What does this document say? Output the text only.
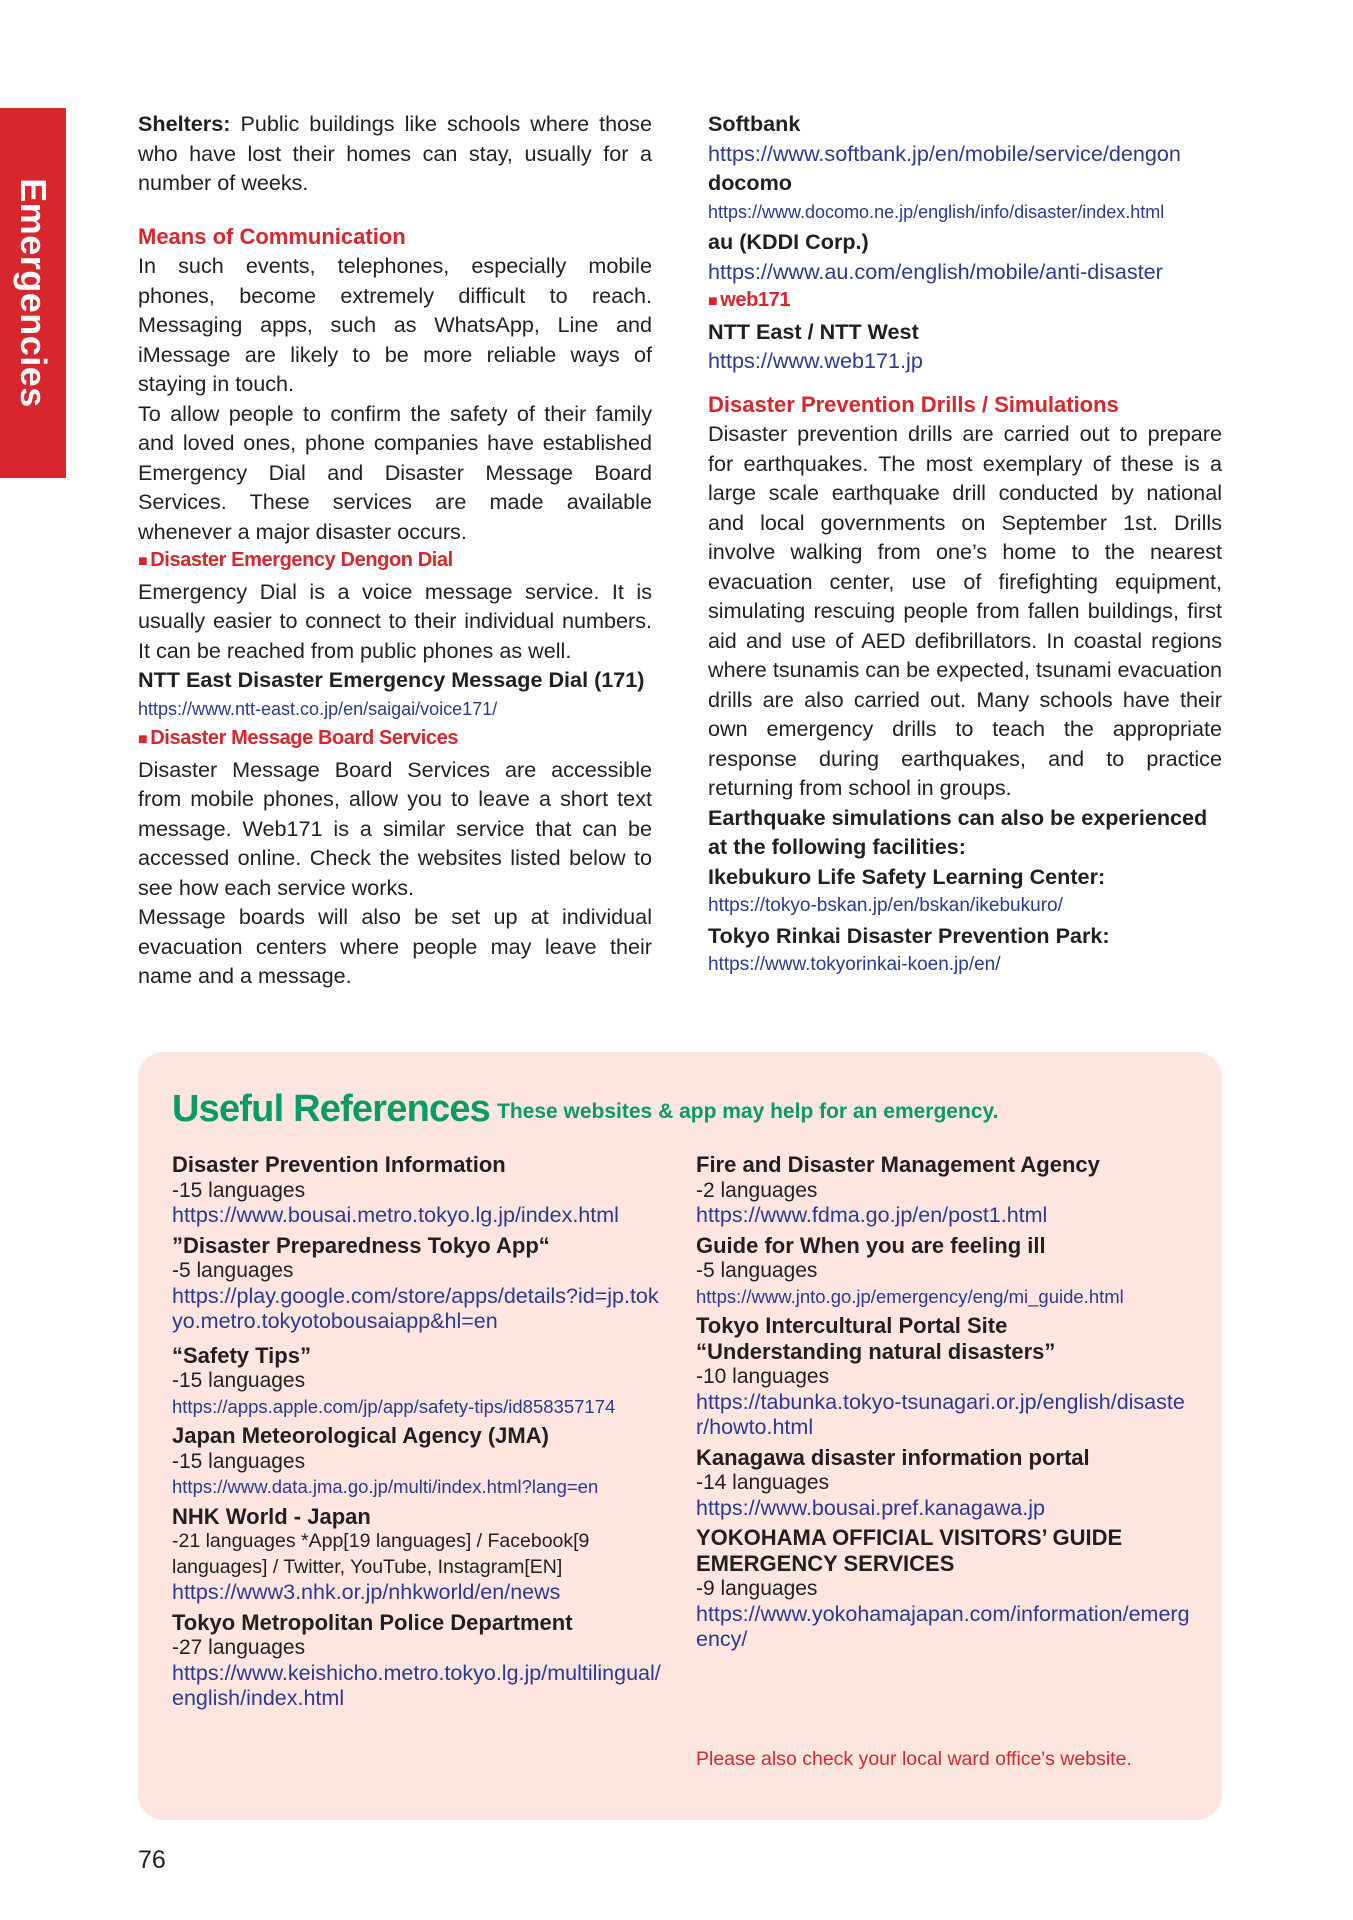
Emergencies

Shelters: Public buildings like schools where those who have lost their homes can stay, usually for a number of weeks.

Means of Communication

In such events, telephones, especially mobile phones, become extremely difficult to reach. Messaging apps, such as WhatsApp, Line and iMessage are likely to be more reliable ways of staying in touch.

To allow people to confirm the safety of their family and loved ones, phone companies have established Emergency Dial and Disaster Message Board Services. These services are made available whenever a major disaster occurs.

■ Disaster Emergency Dengon Dial

Emergency Dial is a voice message service. It is usually easier to connect to their individual numbers. It can be reached from public phones as well.

NTT East Disaster Emergency Message Dial (171)

https://www.ntt-east.co.jp/en/saigai/voice171/

■ Disaster Message Board Services

Disaster Message Board Services are accessible from mobile phones, allow you to leave a short text message. Web171 is a similar service that can be accessed online. Check the websites listed below to see how each service works.

Message boards will also be set up at individual evacuation centers where people may leave their name and a message.

Softbank

https://www.softbank.jp/en/mobile/service/dengon

docomo

https://www.docomo.ne.jp/english/info/disaster/index.html

au (KDDI Corp.)

https://www.au.com/english/mobile/anti-disaster

■ web171

NTT East / NTT West

https://www.web171.jp

Disaster Prevention Drills / Simulations

Disaster prevention drills are carried out to prepare for earthquakes. The most exemplary of these is a large scale earthquake drill conducted by national and local governments on September 1st. Drills involve walking from one’s home to the nearest evacuation center, use of firefighting equipment, simulating rescuing people from fallen buildings, first aid and use of AED defibrillators. In coastal regions where tsunamis can be expected, tsunami evacuation drills are also carried out. Many schools have their own emergency drills to teach the appropriate response during earthquakes, and to practice returning from school in groups.

Earthquake simulations can also be experienced at the following facilities:

Ikebukuro Life Safety Learning Center:

https://tokyo-bskan.jp/en/bskan/ikebukuro/

Tokyo Rinkai Disaster Prevention Park:

https://www.tokyorinkai-koen.jp/en/

Useful References These websites & app may help for an emergency.

Disaster Prevention Information

-15 languages

https://www.bousai.metro.tokyo.lg.jp/index.html

”Disaster Preparedness Tokyo App“

-5 languages

https://play.google.com/store/apps/details?id=jp.tokyo.metro.tokyotobousaiapp&hl=en

“Safety Tips”

-15 languages

https://apps.apple.com/jp/app/safety-tips/id858357174

Japan Meteorological Agency (JMA)

-15 languages

https://www.data.jma.go.jp/multi/index.html?lang=en

NHK World - Japan

-21 languages *App[19 languages] / Facebook[9 languages] / Twitter, YouTube, Instagram[EN]

https://www3.nhk.or.jp/nhkworld/en/news

Tokyo Metropolitan Police Department

-27 languages

https://www.keishicho.metro.tokyo.lg.jp/multilingual/english/index.html

Fire and Disaster Management Agency

-2 languages

https://www.fdma.go.jp/en/post1.html

Guide for When you are feeling ill

-5 languages

https://www.jnto.go.jp/emergency/eng/mi_guide.html

Tokyo Intercultural Portal Site “Understanding natural disasters”

-10 languages

https://tabunka.tokyo-tsunagari.or.jp/english/disaster/howto.html

Kanagawa disaster information portal

-14 languages

https://www.bousai.pref.kanagawa.jp

YOKOHAMA OFFICIAL VISITORS’ GUIDE EMERGENCY SERVICES

-9 languages

https://www.yokohamajapan.com/information/emergency/

Please also check your local ward office's website.
76
